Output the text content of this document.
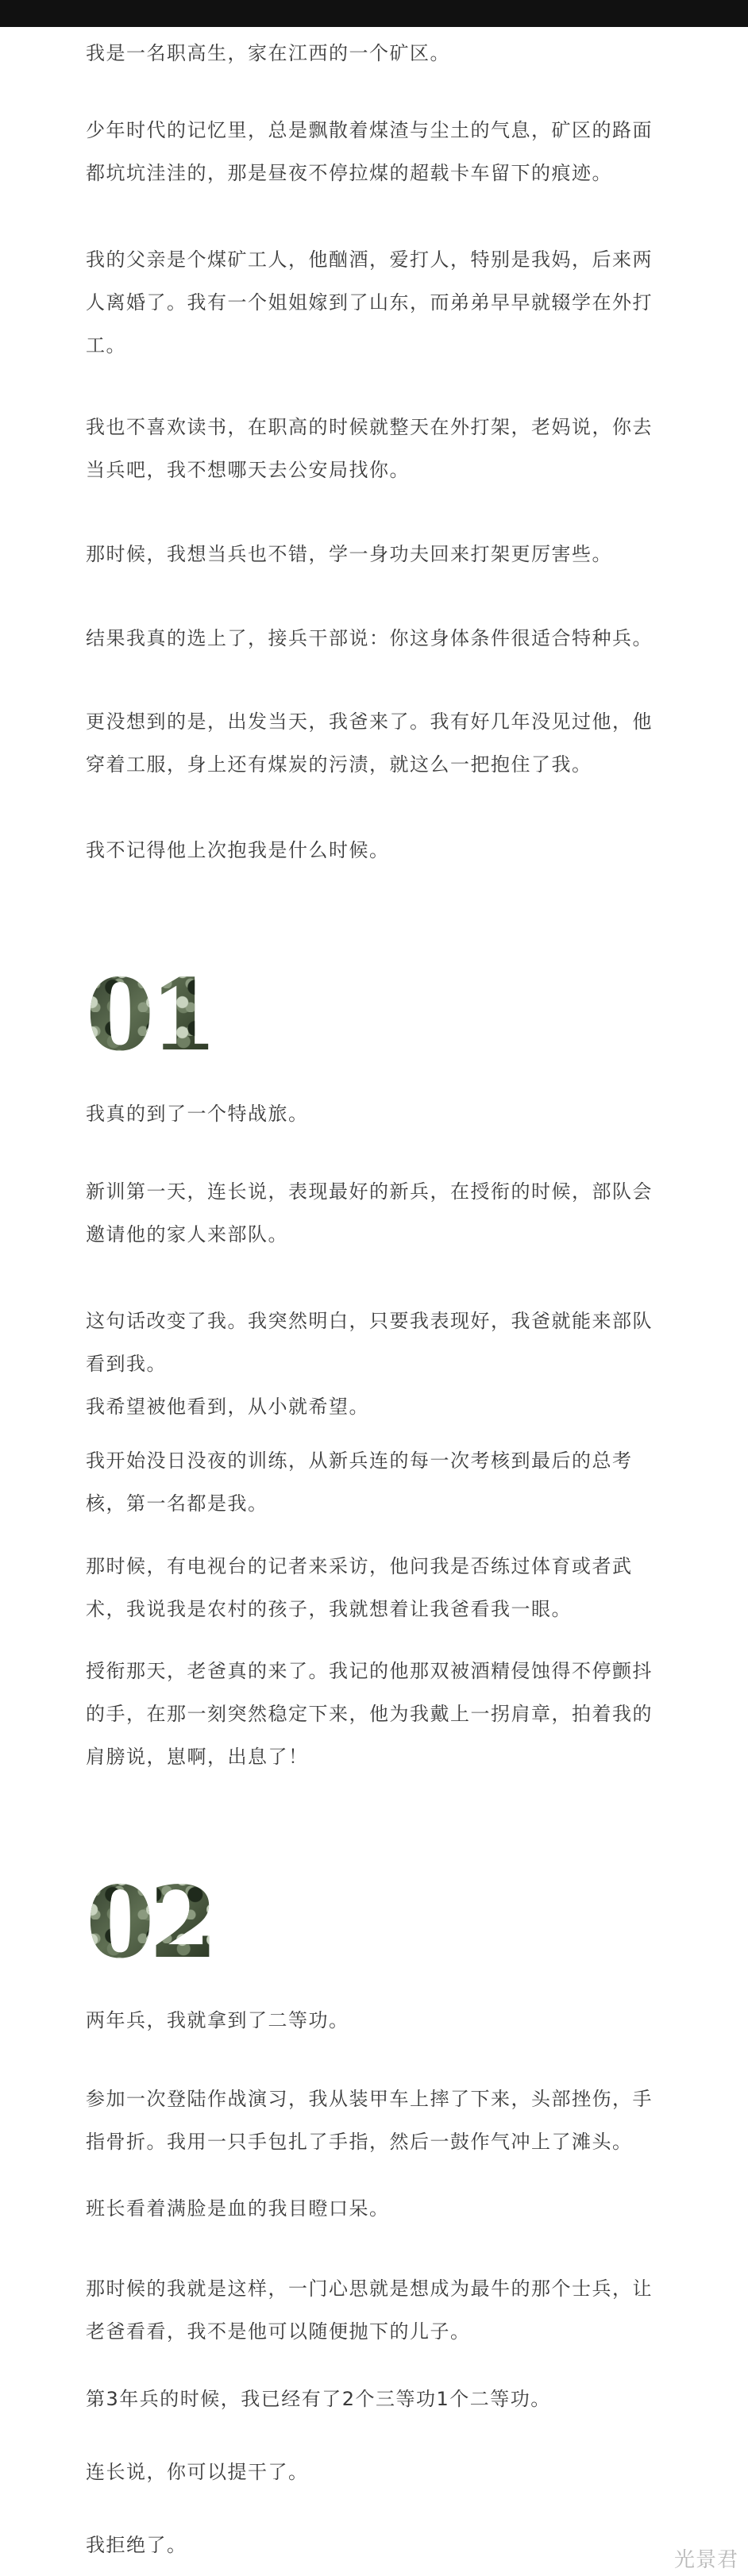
我是一名职高生，家在江西的一个矿区。

少年时代的记忆里，总是飘散着煤渣与尘土的气息，矿区的路面
都坑坑洼洼的，那是昼夜不停拉煤的超载卡车留下的痕迹。

我的父亲是个煤矿工人，他酗酒，爱打人，特别是我妈，后来两
人离婚了。我有一个姐姐嫁到了山东，而弟弟早早就辍学在外打
工。

我也不喜欢读书，在职高的时候就整天在外打架，老妈说，你去
当兵吧，我不想哪天去公安局找你。

那时候，我想当兵也不错，学一身功夫回来打架更厉害些。

结果我真的选上了，接兵干部说：你这身体条件很适合特种兵。

更没想到的是，出发当天，我爸来了。我有好几年没见过他，他
穿着工服，身上还有煤炭的污渍，就这么一把抱住了我。

我不记得他上次抱我是什么时候。

01

我真的到了一个特战旅。

新训第一天，连长说，表现最好的新兵，在授衔的时候，部队会
邀请他的家人来部队。

这句话改变了我。我突然明白，只要我表现好，我爸就能来部队
看到我。
我希望被他看到，从小就希望。

我开始没日没夜的训练，从新兵连的每一次考核到最后的总考
核，第一名都是我。

那时候，有电视台的记者来采访，他问我是否练过体育或者武
术，我说我是农村的孩子，我就想着让我爸看我一眼。

授衔那天，老爸真的来了。我记的他那双被酒精侵蚀得不停颤抖
的手，在那一刻突然稳定下来，他为我戴上一拐肩章，拍着我的
肩膀说，崽啊，出息了！

02

两年兵，我就拿到了二等功。

参加一次登陆作战演习，我从装甲车上摔了下来，头部挫伤，手
指骨折。我用一只手包扎了手指，然后一鼓作气冲上了滩头。

班长看着满脸是血的我目瞪口呆。

那时候的我就是这样，一门心思就是想成为最牛的那个士兵，让
老爸看看，我不是他可以随便抛下的儿子。

第3年兵的时候，我已经有了2个三等功1个二等功。

连长说，你可以提干了。

我拒绝了。

光景君
